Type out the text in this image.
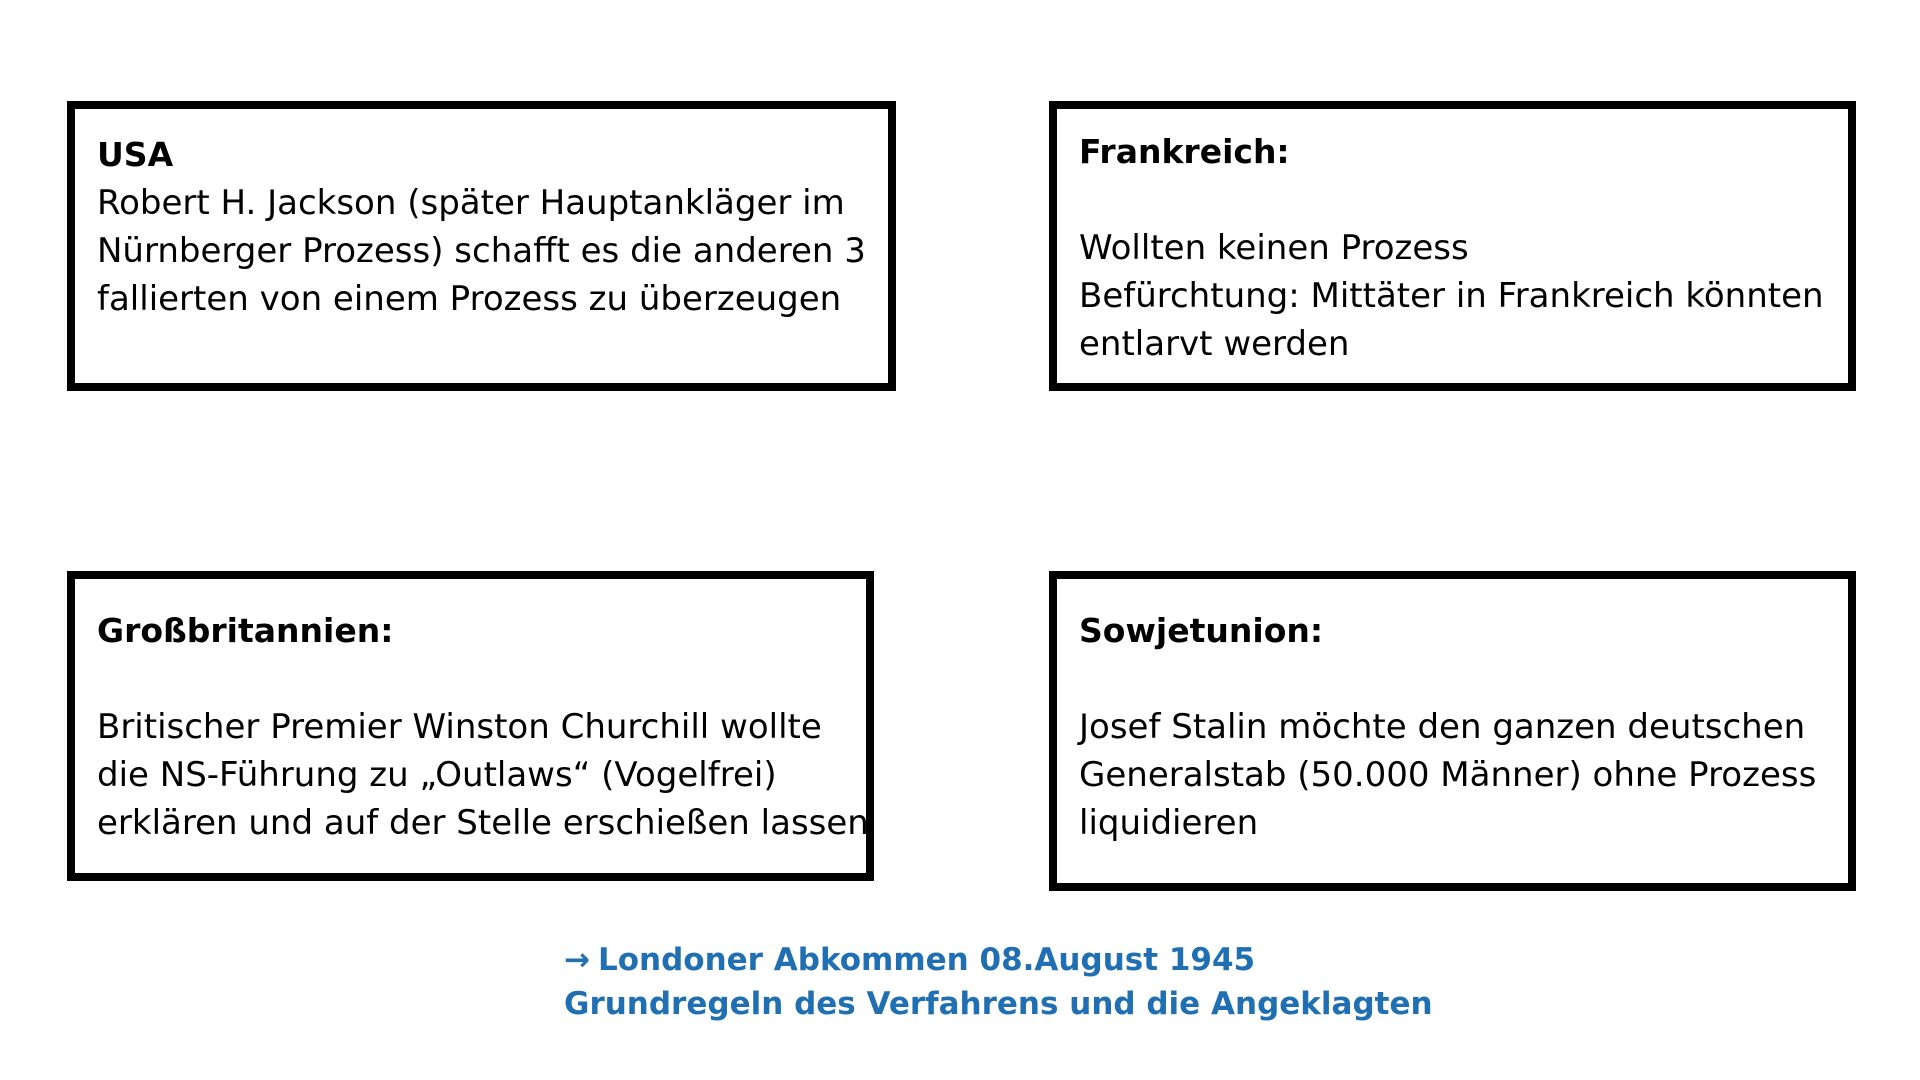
USA

Robert H. Jackson (später Hauptankläger im

Nürnberger Prozess) schafft es die anderen 3

fallierten von einem Prozess zu überzeugen

Frankreich:

Wollten keinen Prozess

Befürchtung: Mittäter in Frankreich könnten

entlarvt werden

Großbritannien:

Britischer Premier Winston Churchill wollte

die NS-Führung zu „Outlaws“ (Vogelfrei)

erklären und auf der Stelle erschießen lassen

Sowjetunion:

Josef Stalin möchte den ganzen deutschen

Generalstab (50.000 Männer) ohne Prozess

liquidieren

→ Londoner Abkommen 08.August 1945
Grundregeln des Verfahrens und die Angeklagten
